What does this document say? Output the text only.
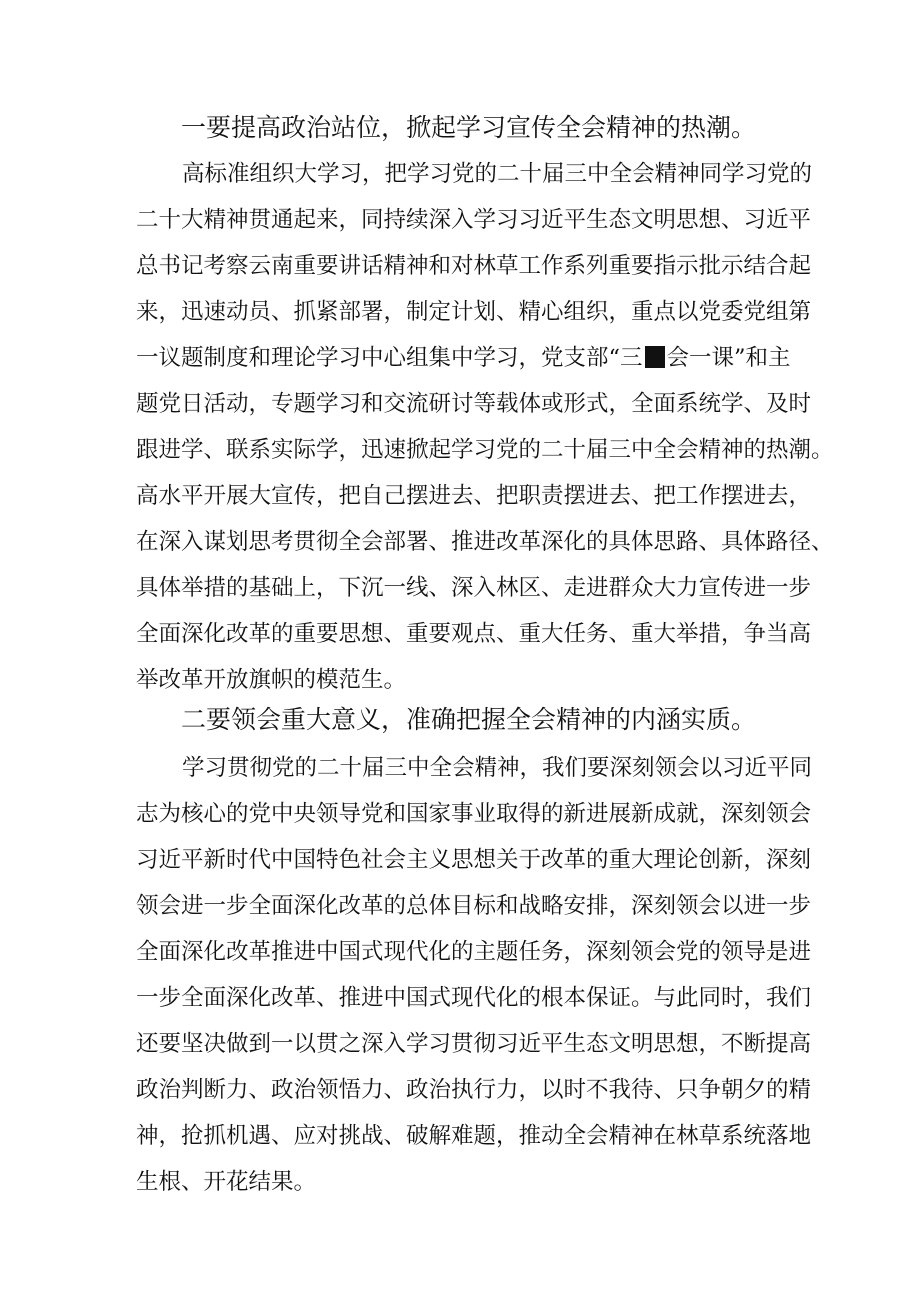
一要提高政治站位，掀起学习宣传全会精神的热潮。

高标准组织大学习，把学习党的二十届三中全会精神同学习党的

二十大精神贯通起来，同持续深入学习习近平生态文明思想、习近平

总书记考察云南重要讲话精神和对林草工作系列重要指示批示结合起

来，迅速动员、抓紧部署，制定计划、精心组织，重点以党委党组第

一议题制度和理论学习中心组集中学习，党支部“三 会一课”和主

题党日活动，专题学习和交流研讨等载体或形式，全面系统学、及时

跟进学、联系实际学，迅速掀起学习党的二十届三中全会精神的热潮。

高水平开展大宣传，把自己摆进去、把职责摆进去、把工作摆进去，

在深入谋划思考贯彻全会部署、推进改革深化的具体思路、具体路径、

具体举措的基础上，下沉一线、深入林区、走进群众大力宣传进一步

全面深化改革的重要思想、重要观点、重大任务、重大举措，争当高

举改革开放旗帜的模范生。

二要领会重大意义，准确把握全会精神的内涵实质。

学习贯彻党的二十届三中全会精神，我们要深刻领会以习近平同

志为核心的党中央领导党和国家事业取得的新进展新成就，深刻领会

习近平新时代中国特色社会主义思想关于改革的重大理论创新，深刻

领会进一步全面深化改革的总体目标和战略安排，深刻领会以进一步

全面深化改革推进中国式现代化的主题任务，深刻领会党的领导是进

一步全面深化改革、推进中国式现代化的根本保证。与此同时，我们

还要坚决做到一以贯之深入学习贯彻习近平生态文明思想，不断提高

政治判断力、政治领悟力、政治执行力，以时不我待、只争朝夕的精

神，抢抓机遇、应对挑战、破解难题，推动全会精神在林草系统落地

生根、开花结果。
